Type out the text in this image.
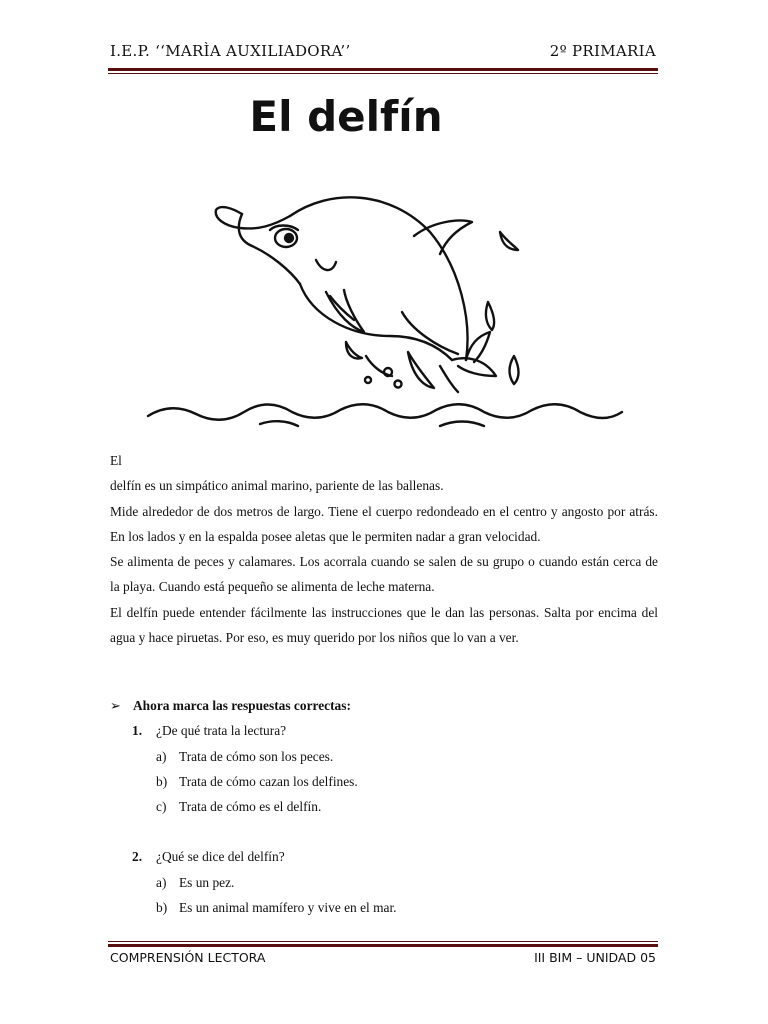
I.E.P. ‘‘MARÌA AUXILIADORA’’	2º PRIMARIA
El delfín

El

delfín es un simpático animal marino, pariente de las ballenas.

Mide alrededor de dos metros de largo. Tiene el cuerpo redondeado en el centro y angosto por atrás. En los lados y en la espalda posee aletas que le permiten nadar a gran velocidad.

Se alimenta de peces y calamares. Los acorrala cuando se salen de su grupo o cuando están cerca de la playa. Cuando está pequeño se alimenta de leche materna.

El delfín puede entender fácilmente las instrucciones que le dan las personas. Salta por encima del agua y hace piruetas. Por eso, es muy querido por los niños que lo van a ver.

➢ Ahora marca las respuestas correctas:
1. ¿De qué trata la lectura?
a) Trata de cómo son los peces.
b) Trata de cómo cazan los delfines.
c) Trata de cómo es el delfín.
2. ¿Qué se dice del delfín?
a) Es un pez.
b) Es un animal mamífero y vive en el mar.
COMPRENSIÓN LECTORA	III BIM – UNIDAD 05
